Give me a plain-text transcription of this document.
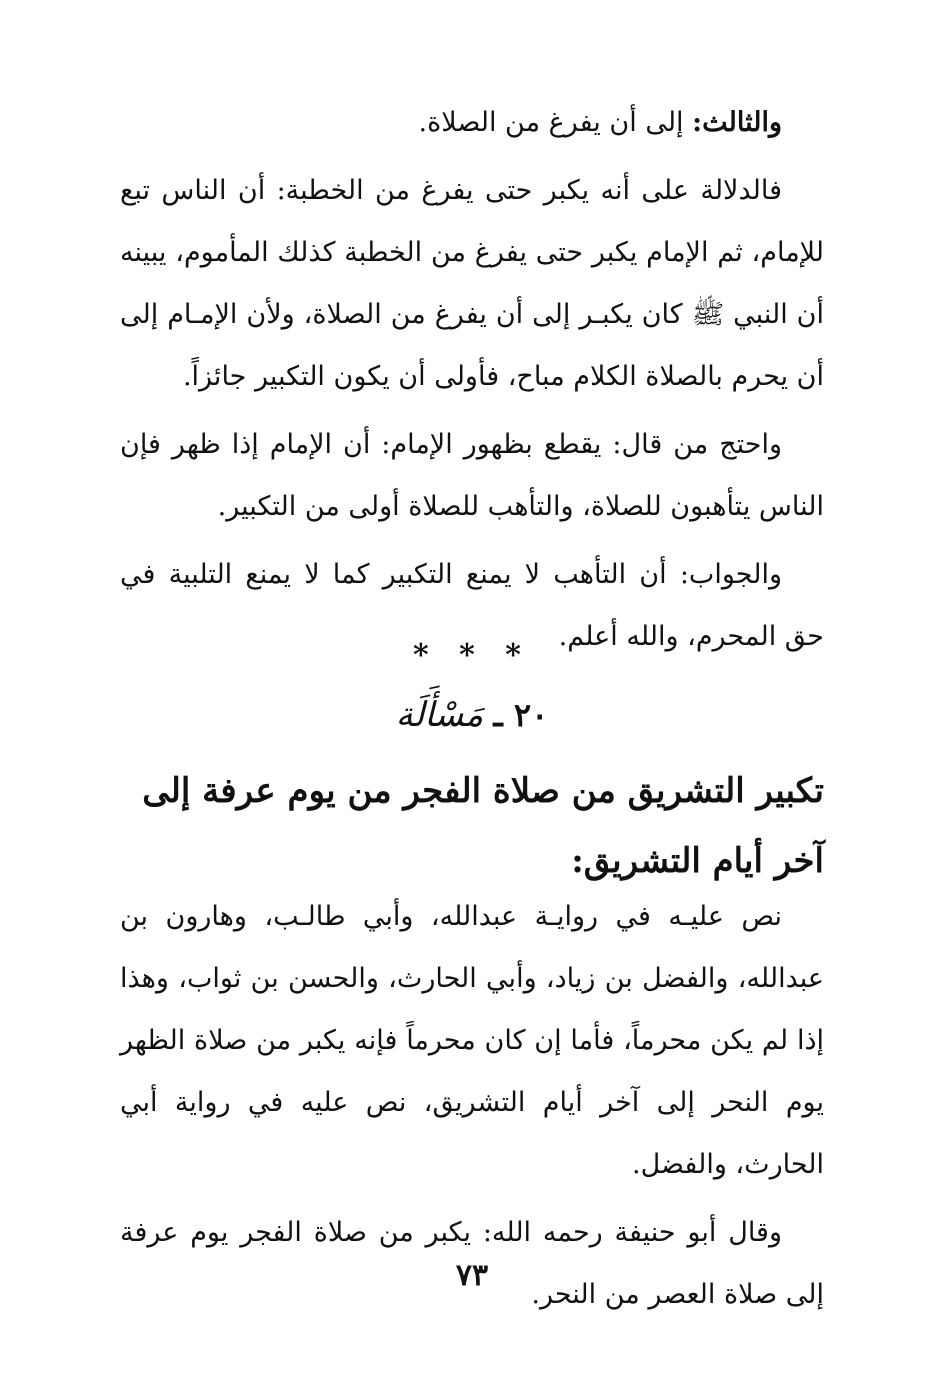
والثالث: إلى أن يفرغ من الصلاة.

فالدلالة على أنه يكبر حتى يفرغ من الخطبة: أن الناس تبع للإمام، ثم الإمام يكبر حتى يفرغ من الخطبة كذلك المأموم، يبينه أن النبي ﷺ كان يكبـر إلى أن يفرغ من الصلاة، ولأن الإمـام إلى أن يحرم بالصلاة الكلام مباح، فأولى أن يكون التكبير جائزاً.

واحتج من قال: يقطع بظهور الإمام: أن الإمام إذا ظهر فإن الناس يتأهبون للصلاة، والتأهب للصلاة أولى من التكبير.

والجواب: أن التأهب لا يمنع التكبير كما لا يمنع التلبية في حق المحرم، والله أعلم.

* * *
٢٠ ـ مَسْأَلَة
تكبير التشريق من صلاة الفجر من يوم عرفة إلى آخر أيام التشريق:

نص عليـه في روايـة عبدالله، وأبي طالـب، وهارون بن عبدالله، والفضل بن زياد، وأبي الحارث، والحسن بن ثواب، وهذا إذا لم يكن محرماً، فأما إن كان محرماً فإنه يكبر من صلاة الظهر يوم النحر إلى آخر أيام التشريق، نص عليه في رواية أبي الحارث، والفضل.

وقال أبو حنيفة رحمه الله: يكبر من صلاة الفجر يوم عرفة إلى صلاة العصر من النحر.

٧٣
